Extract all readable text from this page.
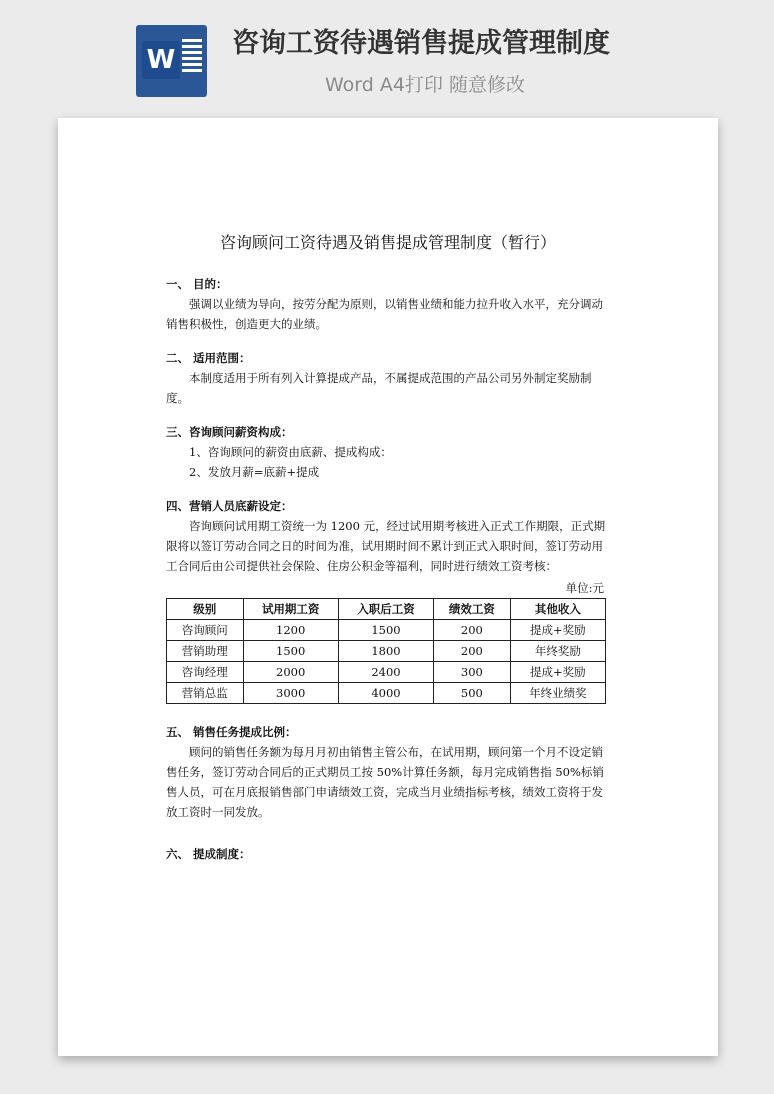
W
咨询工资待遇销售提成管理制度
Word A4打印 随意修改
咨询顾问工资待遇及销售提成管理制度（暂行）
一、 目的：

强调以业绩为导向，按劳分配为原则，以销售业绩和能力拉升收入水平，充分调动销售积极性，创造更大的业绩。

二、 适用范围：

本制度适用于所有列入计算提成产品，不属提成范围的产品公司另外制定奖励制度。

三、咨询顾问薪资构成：

1、咨询顾问的薪资由底薪、提成构成：

2、发放月薪=底薪+提成

四、营销人员底薪设定：

咨询顾问试用期工资统一为 1200 元，经过试用期考核进入正式工作期限，正式期限将以签订劳动合同之日的时间为准，试用期时间不累计到正式入职时间，签订劳动用工合同后由公司提供社会保险、住房公积金等福利，同时进行绩效工资考核：

单位:元
级别	试用期工资	入职后工资	绩效工资	其他收入
咨询顾问	1200	1500	200	提成+奖励
营销助理	1500	1800	200	年终奖励
咨询经理	2000	2400	300	提成+奖励
营销总监	3000	4000	500	年终业绩奖
五、 销售任务提成比例：

顾问的销售任务额为每月月初由销售主管公布，在试用期，顾问第一个月不设定销售任务，签订劳动合同后的正式期员工按 50%计算任务额，每月完成销售指 50%标销售人员，可在月底报销售部门申请绩效工资，完成当月业绩指标考核，绩效工资将于发放工资时一同发放。

六、 提成制度：
